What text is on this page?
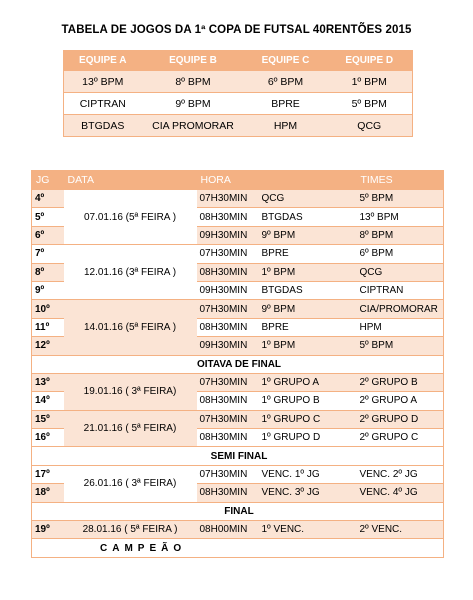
TABELA DE JOGOS DA 1ª COPA DE FUTSAL 40RENTÕES 2015
EQUIPE A	EQUIPE B	EQUIPE C	EQUIPE D
13º BPM	8º BPM	6º BPM	1º BPM
CIPTRAN	9º BPM	BPRE	5º BPM
BTGDAS	CIA PROMORAR	HPM	QCG
JG	DATA	HORA		TIMES
4º	07.01.16 (5ª FEIRA )	07H30MIN	QCG	5º BPM
5º		08H30MIN	BTGDAS	13º BPM
6º		09H30MIN	9º BPM	8º BPM
7º	12.01.16 (3ª FEIRA )	07H30MIN	BPRE	6º BPM
8º		08H30MIN	1º BPM	QCG
9º		09H30MIN	BTGDAS	CIPTRAN
10º	14.01.16 (5ª FEIRA )	07H30MIN	9º BPM	CIA/PROMORAR
11º		08H30MIN	BPRE	HPM
12º		09H30MIN	1º BPM	5º BPM
OITAVA DE FINAL				
13º	19.01.16 ( 3ª FEIRA)	07H30MIN	1º GRUPO A	2º GRUPO B
14º		08H30MIN	1º GRUPO B	2º GRUPO A
15º	21.01.16 ( 5ª FEIRA)	07H30MIN	1º GRUPO C	2º GRUPO D
16º		08H30MIN	1º GRUPO D	2º GRUPO C
SEMI FINAL				
17º	26.01.16 ( 3ª FEIRA)	07H30MIN	VENC. 1º JG	VENC. 2º JG
18º		08H30MIN	VENC. 3º JG	VENC. 4º JG
FINAL				
19º	28.01.16 ( 5ª FEIRA )	08H00MIN	1º VENC.	2º VENC.
CAMPEÃO				
